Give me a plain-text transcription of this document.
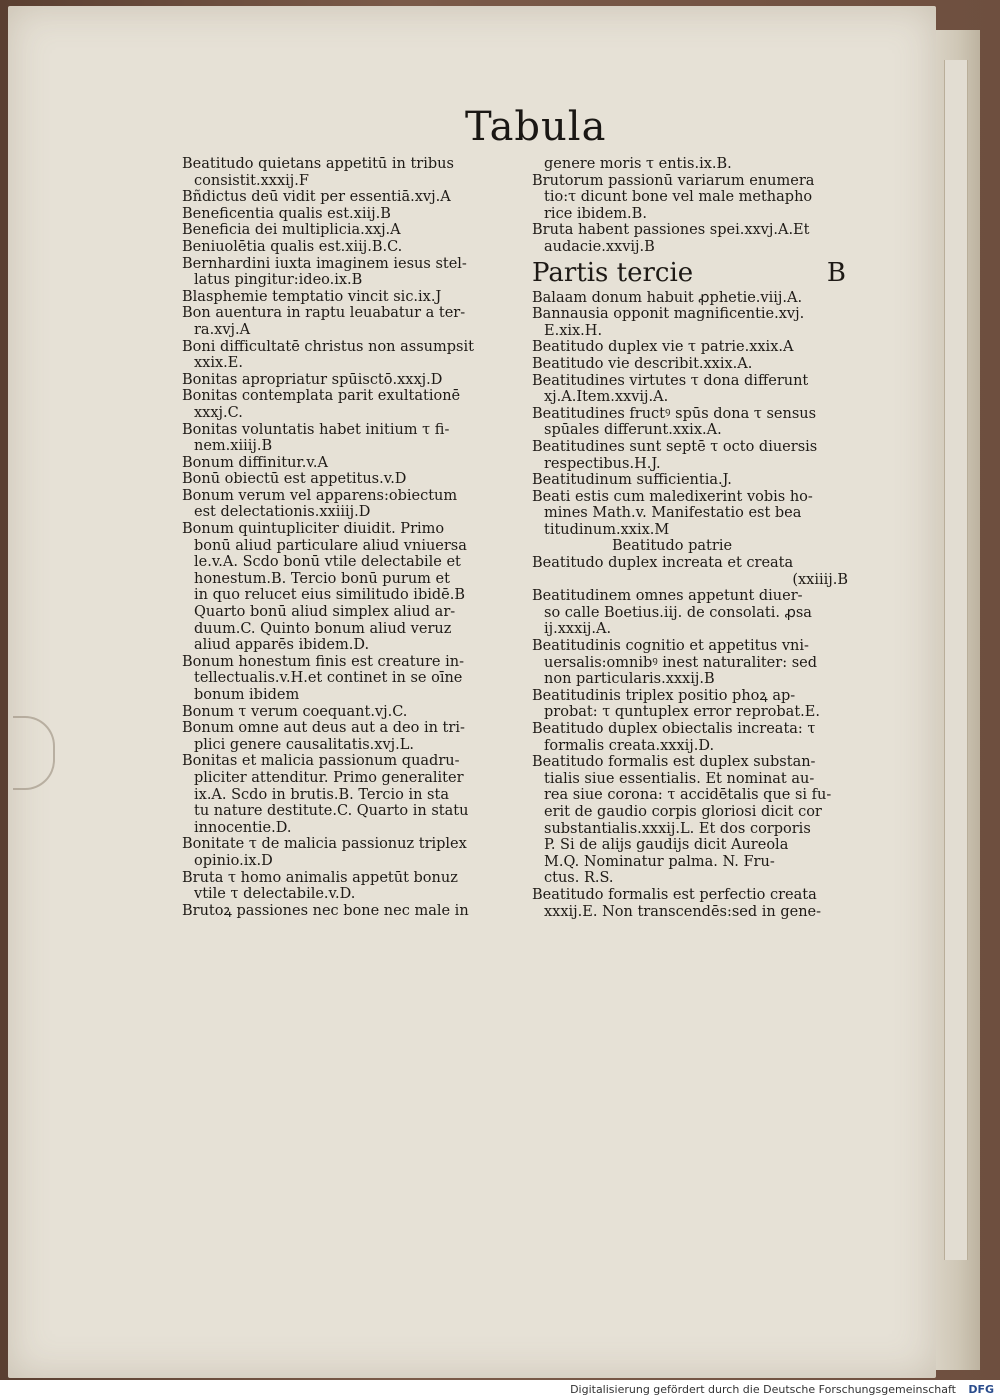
Tabula
Beatitudo quietans appetitū in tribus
consistit.xxxij.F
Bñdictus deū vidit per essentiā.xvj.A
Beneficentia qualis est.xiij.B
Beneficia dei multiplicia.xxj.A
Beniuolētia qualis est.xiij.B.C.
Bernhardini iuxta imaginem iesus stel-
latus pingitur:ideo.ix.B
Blasphemie temptatio vincit sic.ix.J
Bon auentura in raptu leuabatur a ter-
ra.xvj.A
Boni difficultatē christus non assumpsit
xxix.E.
Bonitas apropriatur spūisctō.xxxj.D
Bonitas contemplata parit exultationē
xxxj.C.
Bonitas voluntatis habet initium τ fi-
nem.xiiij.B
Bonum diffinitur.v.A
Bonū obiectū est appetitus.v.D
Bonum verum vel apparens:obiectum
est delectationis.xxiiij.D
Bonum quintupliciter diuidit. Primo
bonū aliud particulare aliud vniuersa
le.v.A. Scdo bonū vtile delectabile et
honestum.B. Tercio bonū purum et
in quo relucet eius similitudo ibidē.B
Quarto bonū aliud simplex aliud ar-
duum.C. Quinto bonum aliud veruz
aliud apparēs ibidem.D.
Bonum honestum finis est creature in-
tellectualis.v.H.et continet in se oīne
bonum ibidem
Bonum τ verum coequant.vj.C.
Bonum omne aut deus aut a deo in tri-
plici genere causalitatis.xvj.L.
Bonitas et malicia passionum quadru-
pliciter attenditur. Primo generaliter
ix.A. Scdo in brutis.B. Tercio in sta
tu nature destitute.C. Quarto in statu
innocentie.D.
Bonitate τ de malicia passionuz triplex
opinio.ix.D
Bruta τ homo animalis appetūt bonuz
vtile τ delectabile.v.D.
Brutoꝝ passiones nec bone nec male in
genere moris τ entis.ix.B.
Brutorum passionū variarum enumera
tio:τ dicunt bone vel male methapho
rice ibidem.B.
Bruta habent passiones spei.xxvj.A.Et
audacie.xxvij.B
Partis tercie	B
Balaam donum habuit ꝓphetie.viij.A.
Bannausia opponit magnificentie.xvj.
E.xix.H.
Beatitudo duplex vie τ patrie.xxix.A
Beatitudo vie describit.xxix.A.
Beatitudines virtutes τ dona differunt
xj.A.Item.xxvij.A.
Beatitudines fructꝰ spūs dona τ sensus
spūales differunt.xxix.A.
Beatitudines sunt septē τ octo diuersis
respectibus.H.J.
Beatitudinum sufficientia.J.
Beati estis cum maledixerint vobis ho-
mines Math.v. Manifestatio est bea
titudinum.xxix.M
Beatitudo patrie
Beatitudo duplex increata et creata
(xxiiij.B
Beatitudinem omnes appetunt diuer-
so calle Boetius.iij. de consolati. ꝓsa
ij.xxxij.A.
Beatitudinis cognitio et appetitus vni-
uersalis:omnibꝰ inest naturaliter: sed
non particularis.xxxij.B
Beatitudinis triplex positio phoꝝ ap-
probat: τ quntuplex error reprobat.E.
Beatitudo duplex obiectalis increata: τ
formalis creata.xxxij.D.
Beatitudo formalis est duplex substan-
tialis siue essentialis. Et nominat au-
rea siue corona: τ accidētalis que si fu-
erit de gaudio corpis gloriosi dicit cor
substantialis.xxxij.L. Et dos corporis
P. Si de alijs gaudijs dicit Aureola
M.Q. Nominatur palma. N. Fru-
ctus. R.S.
Beatitudo formalis est perfectio creata
xxxij.E. Non transcendēs:sed in gene-
Digitalisierung gefördert durch die Deutsche Forschungsgemeinschaft DFG
